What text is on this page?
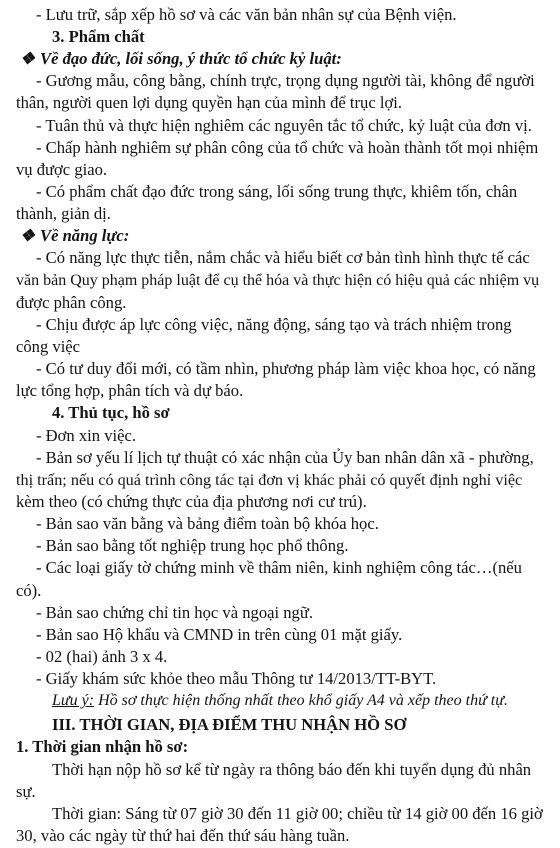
- Lưu trữ, sắp xếp hồ sơ và các văn bản nhân sự của Bệnh viện.
3. Phẩm chất
❖ Về đạo đức, lối sống, ý thức tổ chức kỷ luật:
- Gương mẫu, công bằng, chính trực, trọng dụng người tài, không để người
thân, người quen lợi dụng quyền hạn của mình để trục lợi.
- Tuân thủ và thực hiện nghiêm các nguyên tắc tổ chức, kỷ luật của đơn vị.
- Chấp hành nghiêm sự phân công của tổ chức và hoàn thành tốt mọi nhiệm
vụ được giao.
- Có phẩm chất đạo đức trong sáng, lối sống trung thực, khiêm tốn, chân
thành, giản dị.
❖ Về năng lực:
- Có năng lực thực tiễn, nắm chắc và hiểu biết cơ bản tình hình thực tế các
văn bản Quy phạm pháp luật để cụ thể hóa và thực hiện có hiệu quả các nhiệm vụ
được phân công.
- Chịu được áp lực công việc, năng động, sáng tạo và trách nhiệm trong
công việc
- Có tư duy đổi mới, có tầm nhìn, phương pháp làm việc khoa học, có năng
lực tổng hợp, phân tích và dự báo.
4. Thủ tục, hồ sơ
- Đơn xin việc.
- Bản sơ yếu lí lịch tự thuật có xác nhận của Ủy ban nhân dân xã - phường,
thị trấn; nếu có quá trình công tác tại đơn vị khác phải có quyết định nghỉ việc
kèm theo (có chứng thực của địa phương nơi cư trú).
- Bản sao văn bằng và bảng điểm toàn bộ khóa học.
- Bản sao bằng tốt nghiệp trung học phổ thông.
- Các loại giấy tờ chứng minh về thâm niên, kinh nghiệm công tác…(nếu
có).
- Bản sao chứng chỉ tin học và ngoại ngữ.
- Bản sao Hộ khẩu và CMND in trên cùng 01 mặt giấy.
- 02 (hai) ảnh 3 x 4.
- Giấy khám sức khỏe theo mẫu Thông tư 14/2013/TT-BYT.
Lưu ý: Hồ sơ thực hiện thống nhất theo khổ giấy A4 và xếp theo thứ tự.
III. THỜI GIAN, ĐỊA ĐIỂM THU NHẬN HỒ SƠ
1. Thời gian nhận hồ sơ:
Thời hạn nộp hồ sơ kể từ ngày ra thông báo đến khi tuyển dụng đủ nhân
sự.
Thời gian: Sáng từ 07 giờ 30 đến 11 giờ 00; chiều từ 14 giờ 00 đến 16 giờ
30, vào các ngày từ thứ hai đến thứ sáu hàng tuần.
